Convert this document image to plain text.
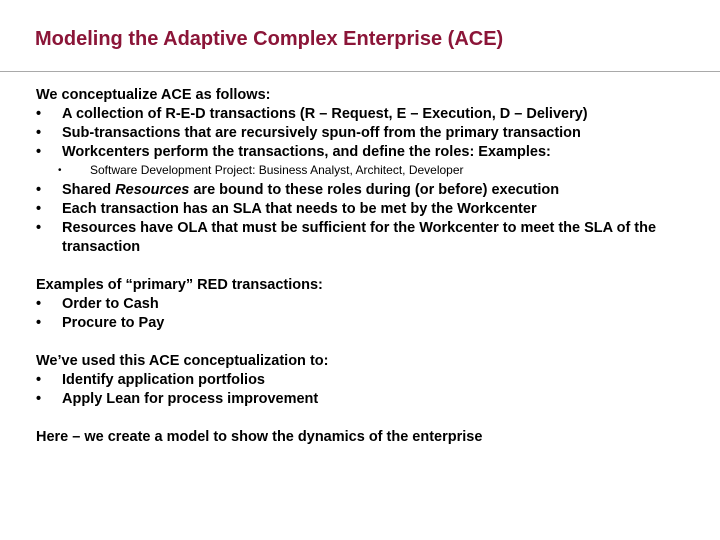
Modeling the Adaptive Complex Enterprise (ACE)

We conceptualize ACE as follows:

•	A collection of R-E-D transactions (R – Request, E – Execution, D – Delivery)
•	Sub-transactions that are recursively spun-off from the primary transaction
•	Workcenters perform the transactions, and define the roles: Examples:
•	Software Development Project: Business Analyst, Architect, Developer
•	Shared Resources are bound to these roles during (or before) execution
•	Each transaction has an SLA that needs to be met by the Workcenter
•	Resources have OLA that must be sufficient for the Workcenter to meet the SLA of the transaction

Examples of “primary” RED transactions:

•	Order to Cash
•	Procure to Pay

We’ve used this ACE conceptualization to:

•	Identify application portfolios
•	Apply Lean for process improvement

Here – we create a model to show the dynamics of the enterprise
